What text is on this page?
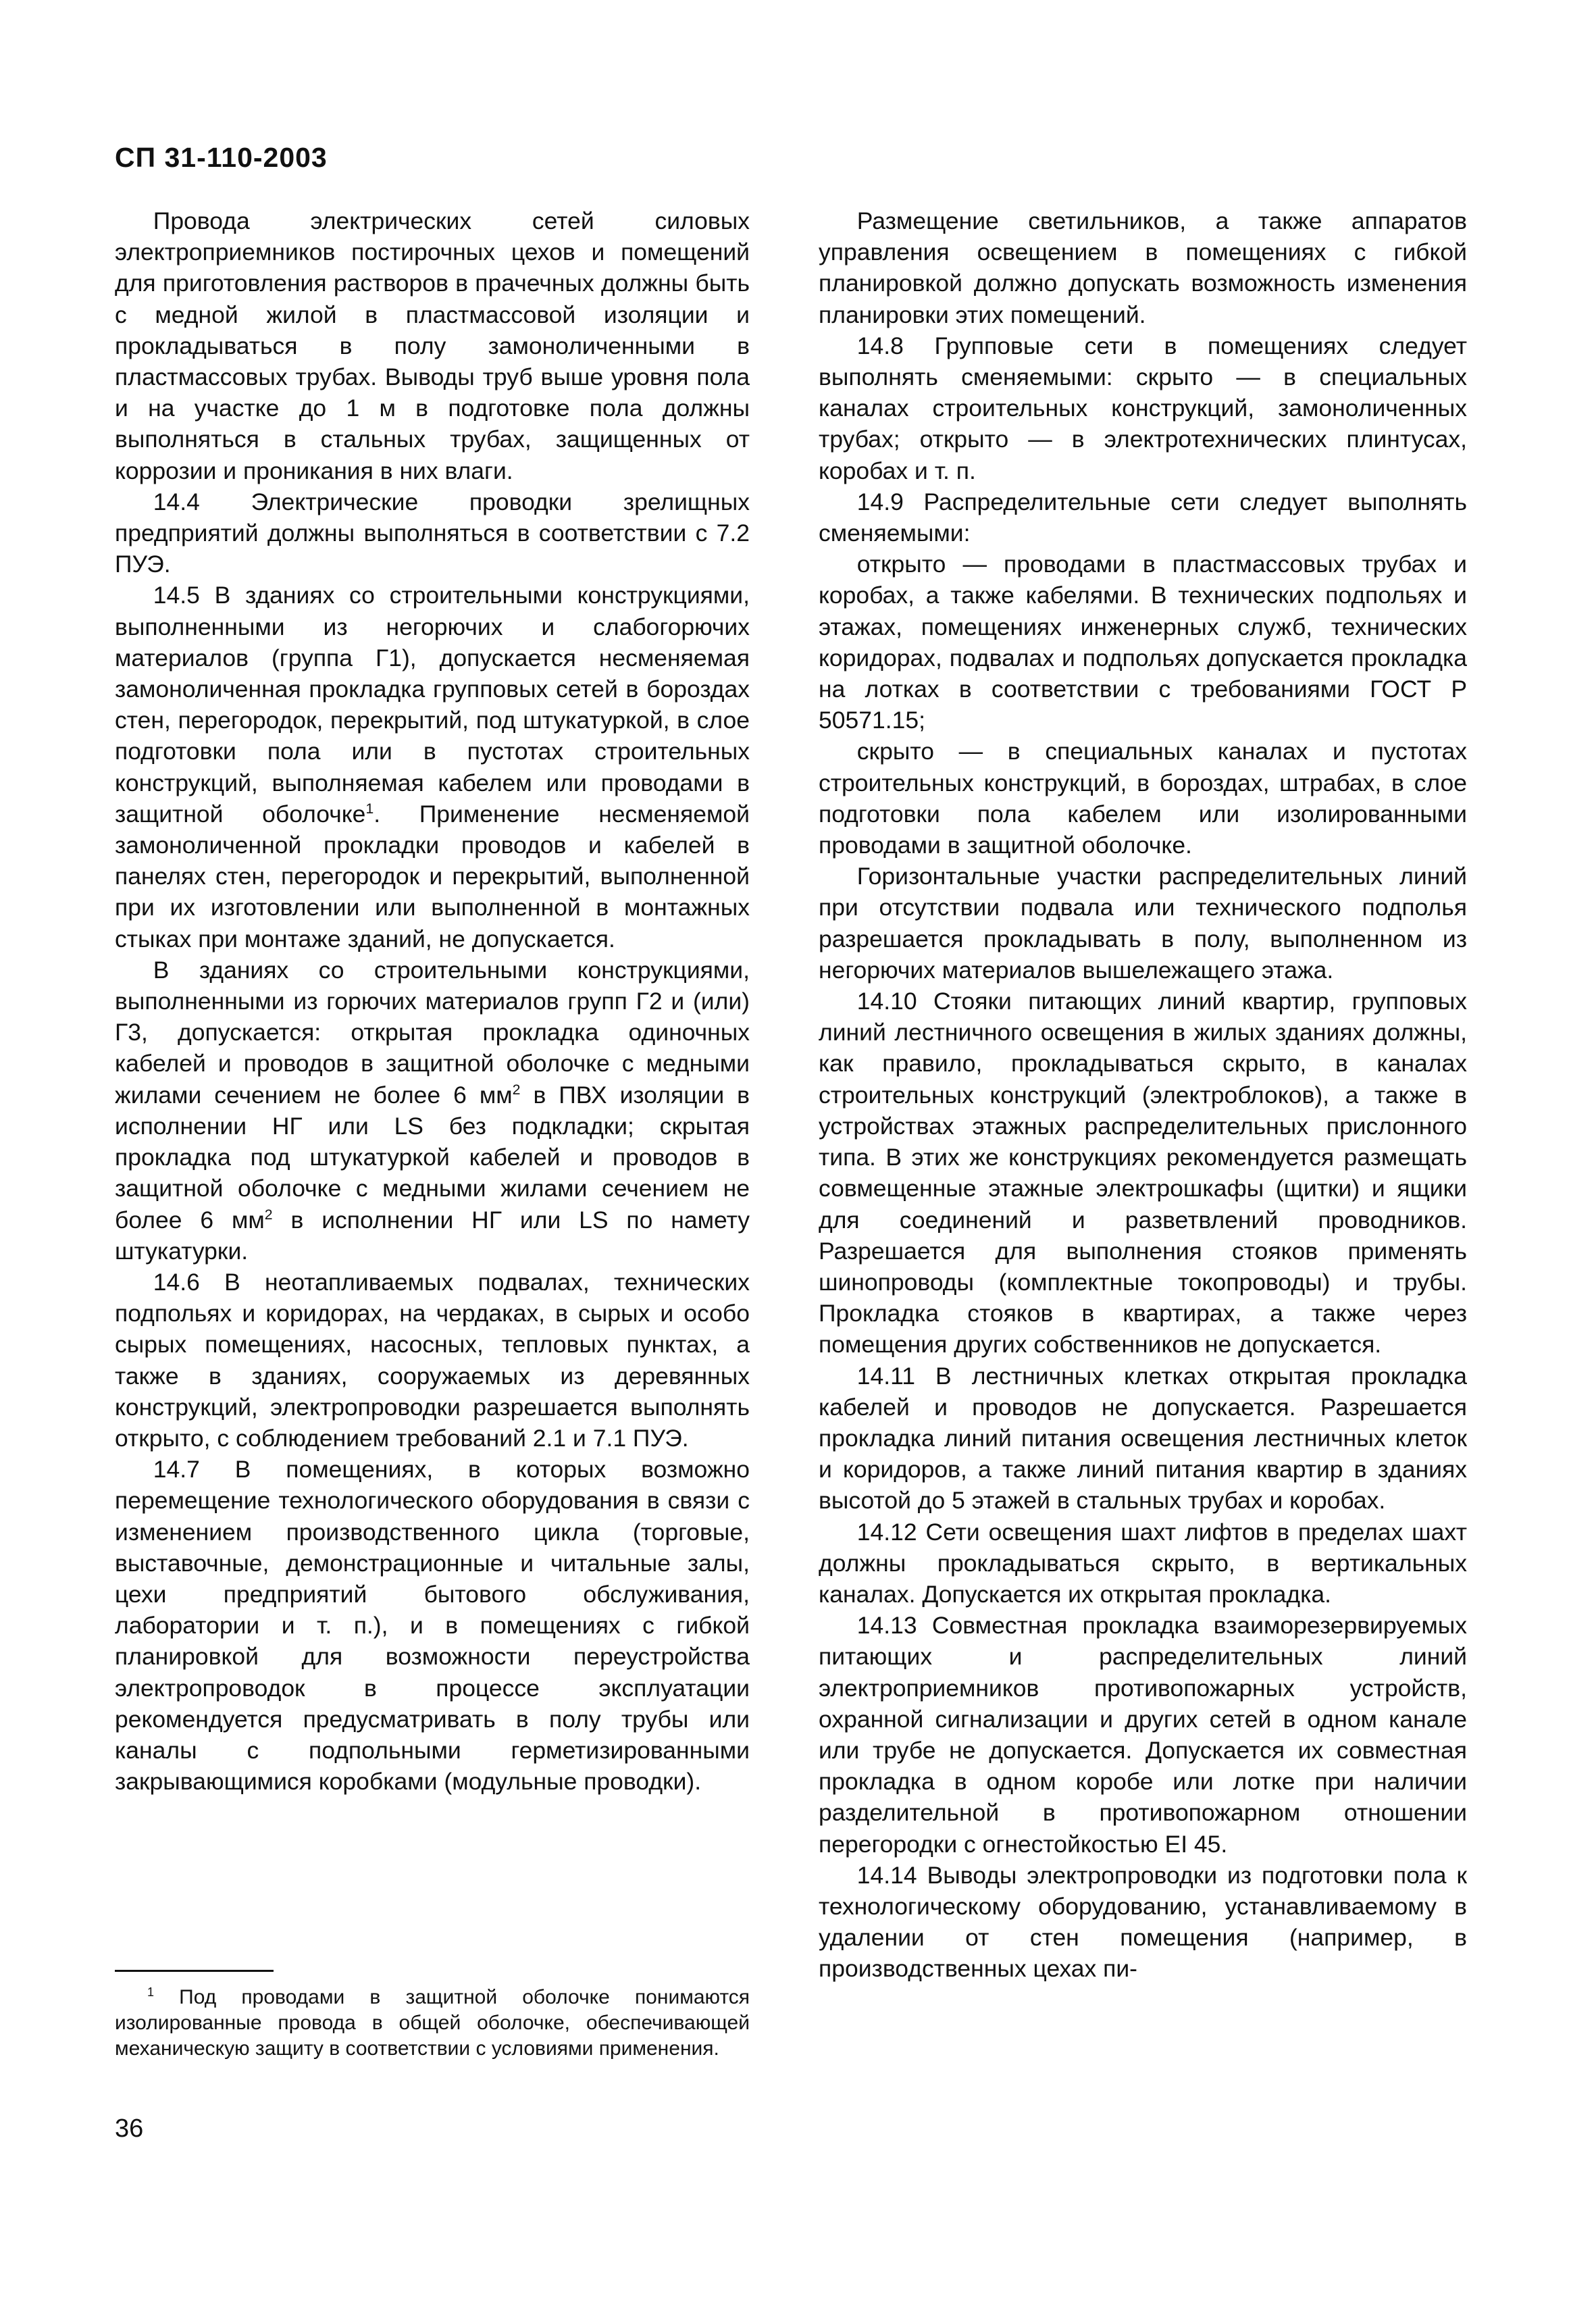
СП 31-110-2003

Провода электрических сетей силовых электроприемников постирочных цехов и помещений для приготовления растворов в прачечных должны быть с медной жилой в пластмассовой изоляции и прокладываться в полу замоноличенными в пластмассовых трубах. Выводы труб выше уровня пола и на участке до 1 м в подготовке пола должны выполняться в стальных трубах, защищенных от коррозии и проникания в них влаги.

14.4 Электрические проводки зрелищных предприятий должны выполняться в соответствии с 7.2 ПУЭ.

14.5 В зданиях со строительными конструкциями, выполненными из негорючих и слабогорючих материалов (группа Г1), допускается несменяемая замоноличенная прокладка групповых сетей в бороздах стен, перегородок, перекрытий, под штукатуркой, в слое подготовки пола или в пустотах строительных конструкций, выполняемая кабелем или проводами в защитной оболочке$^1$. Применение несменяемой замоноличенной прокладки проводов и кабелей в панелях стен, перегородок и перекрытий, выполненной при их изготовлении или выполненной в монтажных стыках при монтаже зданий, не допускается.

В зданиях со строительными конструкциями, выполненными из горючих материалов групп Г2 и (или) Г3, допускается: открытая прокладка одиночных кабелей и проводов в защитной оболочке с медными жилами сечением не более 6 $мм^2$ в ПВХ изоляции в исполнении НГ или LS без подкладки; скрытая прокладка под штукатуркой кабелей и проводов в защитной оболочке с медными жилами сечением не более 6 $мм^2$ в исполнении НГ или LS по намету штукатурки.

14.6 В неотапливаемых подвалах, технических подпольях и коридорах, на чердаках, в сырых и особо сырых помещениях, насосных, тепловых пунктах, а также в зданиях, сооружаемых из деревянных конструкций, электропроводки разрешается выполнять открыто, с соблюдением требований 2.1 и 7.1 ПУЭ.

14.7 В помещениях, в которых возможно перемещение технологического оборудования в связи с изменением производственного цикла (торговые, выставочные, демонстрационные и читальные залы, цехи предприятий бытового обслуживания, лаборатории и т. п.), и в помещениях с гибкой планировкой для возможности переустройства электропроводок в процессе эксплуатации рекомендуется предусматривать в полу трубы или каналы с подпольными герметизированными закрывающимися коробками (модульные проводки).

$^1$ Под проводами в защитной оболочке понимаются изолированные провода в общей оболочке, обеспечивающей механическую защиту в соответствии с условиями применения.
36

Размещение светильников, а также аппаратов управления освещением в помещениях с гибкой планировкой должно допускать возможность изменения планировки этих помещений.

14.8 Групповые сети в помещениях следует выполнять сменяемыми: скрыто — в специальных каналах строительных конструкций, замоноличенных трубах; открыто — в электротехнических плинтусах, коробах и т. п.

14.9 Распределительные сети следует выполнять сменяемыми:

открыто — проводами в пластмассовых трубах и коробах, а также кабелями. В технических подпольях и этажах, помещениях инженерных служб, технических коридорах, подвалах и подпольях допускается прокладка на лотках в соответствии с требованиями ГОСТ Р 50571.15;

скрыто — в специальных каналах и пустотах строительных конструкций, в бороздах, штрабах, в слое подготовки пола кабелем или изолированными проводами в защитной оболочке.

Горизонтальные участки распределительных линий при отсутствии подвала или технического подполья разрешается прокладывать в полу, выполненном из негорючих материалов вышележащего этажа.

14.10 Стояки питающих линий квартир, групповых линий лестничного освещения в жилых зданиях должны, как правило, прокладываться скрыто, в каналах строительных конструкций (электроблоков), а также в устройствах этажных распределительных прислонного типа. В этих же конструкциях рекомендуется размещать совмещенные этажные электрошкафы (щитки) и ящики для соединений и разветвлений проводников. Разрешается для выполнения стояков применять шинопроводы (комплектные токопроводы) и трубы. Прокладка стояков в квартирах, а также через помещения других собственников не допускается.

14.11 В лестничных клетках открытая прокладка кабелей и проводов не допускается. Разрешается прокладка линий питания освещения лестничных клеток и коридоров, а также линий питания квартир в зданиях высотой до 5 этажей в стальных трубах и коробах.

14.12 Сети освещения шахт лифтов в пределах шахт должны прокладываться скрыто, в вертикальных каналах. Допускается их открытая прокладка.

14.13 Совместная прокладка взаиморезервируемых питающих и распределительных линий электроприемников противопожарных устройств, охранной сигнализации и других сетей в одном канале или трубе не допускается. Допускается их совместная прокладка в одном коробе или лотке при наличии разделительной в противопожарном отношении перегородки с огнестойкостью EI 45.

14.14 Выводы электропроводки из подготовки пола к технологическому оборудованию, устанавливаемому в удалении от стен помещения (например, в производственных цехах пи-
